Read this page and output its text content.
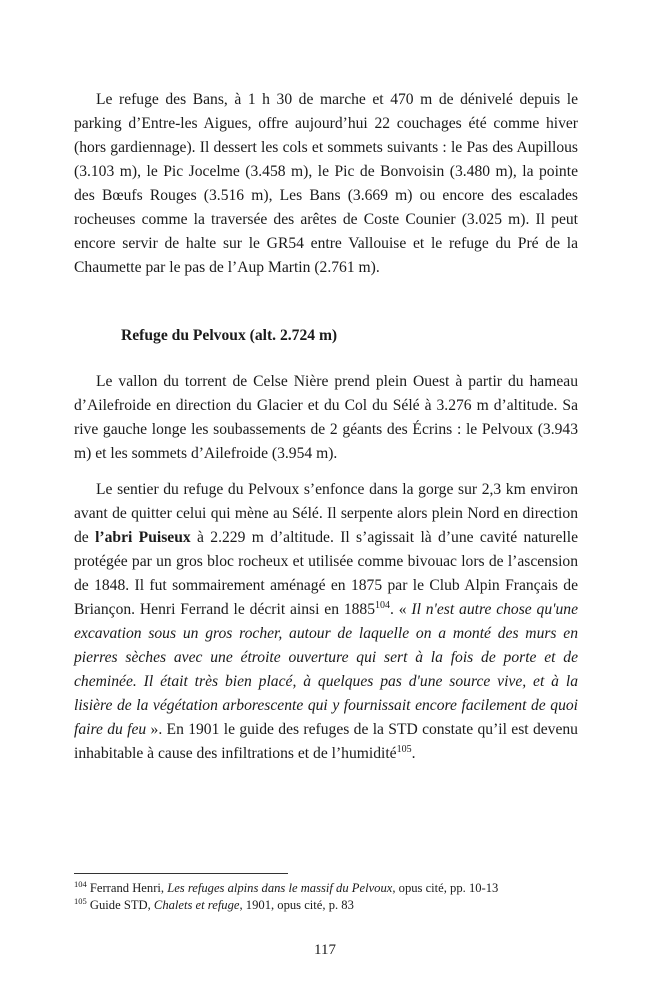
Le refuge des Bans, à 1 h 30 de marche et 470 m de dénivelé depuis le parking d’Entre-les Aigues, offre aujourd’hui 22 couchages été comme hiver (hors gardiennage). Il dessert les cols et sommets suivants : le Pas des Aupillous (3.103 m), le Pic Jocelme (3.458 m), le Pic de Bonvoisin (3.480 m), la pointe des Bœufs Rouges (3.516 m), Les Bans (3.669 m) ou encore des escalades rocheuses comme la traversée des arêtes de Coste Counier (3.025 m). Il peut encore servir de halte sur le GR54 entre Vallouise et le refuge du Pré de la Chaumette par le pas de l’Aup Martin (2.761 m).

Refuge du Pelvoux (alt. 2.724 m)

Le vallon du torrent de Celse Nière prend plein Ouest à partir du hameau d’Ailefroide en direction du Glacier et du Col du Sélé à 3.276 m d’altitude. Sa rive gauche longe les soubassements de 2 géants des Écrins : le Pelvoux (3.943 m) et les sommets d’Ailefroide (3.954 m).

Le sentier du refuge du Pelvoux s’enfonce dans la gorge sur 2,3 km environ avant de quitter celui qui mène au Sélé. Il serpente alors plein Nord en direction de l’abri Puiseux à 2.229 m d’altitude. Il s’agissait là d’une cavité naturelle protégée par un gros bloc rocheux et utilisée comme bivouac lors de l’ascension de 1848. Il fut sommairement aménagé en 1875 par le Club Alpin Français de Briançon. Henri Ferrand le décrit ainsi en 1885$^{104}$. « Il n'est autre chose qu'une excavation sous un gros rocher, autour de laquelle on a monté des murs en pierres sèches avec une étroite ouverture qui sert à la fois de porte et de cheminée. Il était très bien placé, à quelques pas d'une source vive, et à la lisière de la végétation arborescente qui y fournissait encore facilement de quoi faire du feu ». En 1901 le guide des refuges de la STD constate qu’il est devenu inhabitable à cause des infiltrations et de l’humidité$^{105}$.

$^{104}$ Ferrand Henri, Les refuges alpins dans le massif du Pelvoux, opus cité, pp. 10-13

$^{105}$ Guide STD, Chalets et refuge, 1901, opus cité, p. 83

117
